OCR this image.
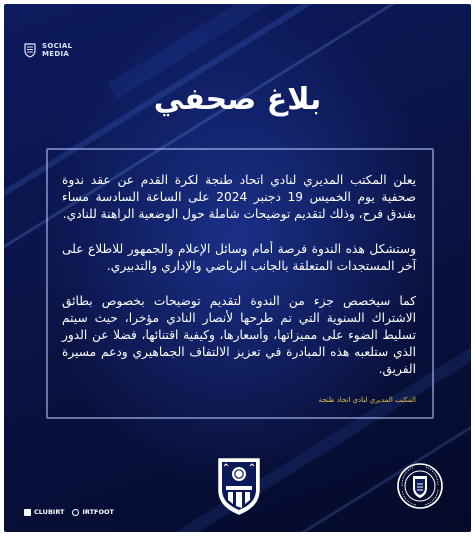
SOCIAL
MEDIA
بلاغ صحفي

يعلن المكتب المديري لنادي اتحاد طنجة لكرة القدم عن عقد ندوة صحفية يوم الخميس 19 دجنبر 2024 على الساعة السادسة مساء بفندق فرح، وذلك لتقديم توضيحات شاملة حول الوضعية الراهنة للنادي.

وستشكل هذه الندوة فرصة أمام وسائل الإعلام والجمهور للاطلاع على آخر المستجدات المتعلقة بالجانب الرياضي والإداري والتدبيري.

كما سيخصص جزء من الندوة لتقديم توضيحات بخصوص بطائق الاشتراك السنوية التي تم طرحها لأنصار النادي مؤخرا، حيث سيتم تسليط الضوء على مميزاتها، وأسعارها، وكيفية اقتنائها، فضلا عن الدور الذي ستلعبه هذه المبادرة في تعزيز الالتفاف الجماهيري ودعم مسيرة الفريق.

المكتب المديري لنادي اتحاد طنجة
CLUBIRT	IRTFOOT
